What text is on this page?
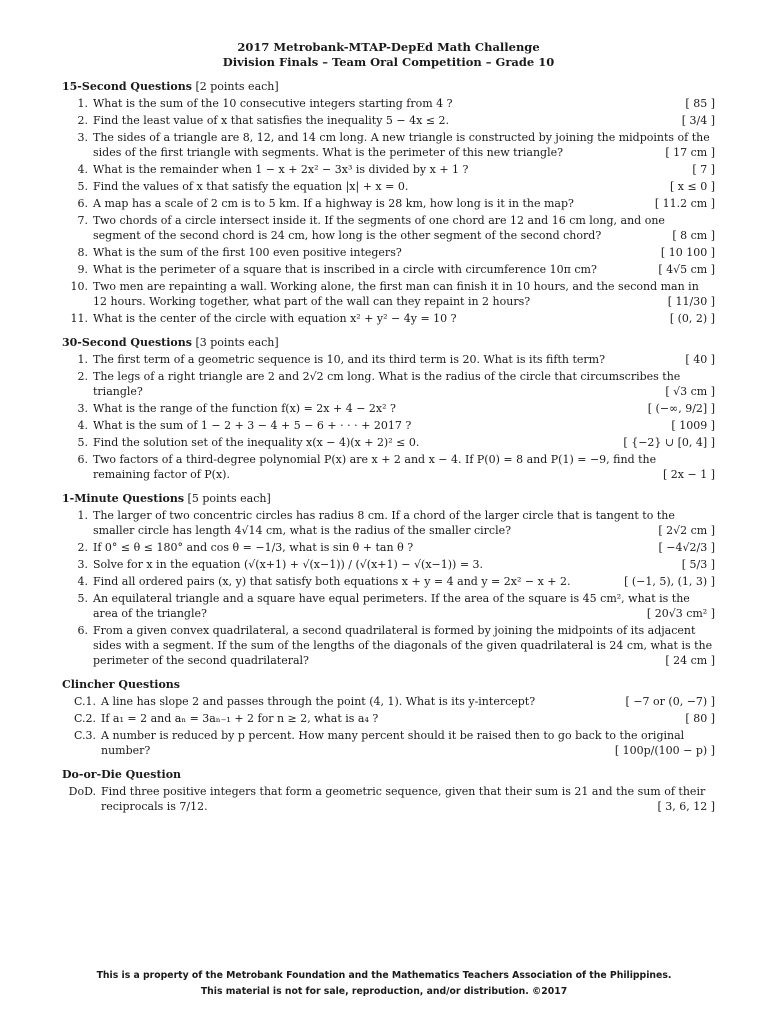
2017 Metrobank-MTAP-DepEd Math Challenge
Division Finals – Team Oral Competition – Grade 10
15-Second Questions [2 points each]
1. What is the sum of the 10 consecutive integers starting from 4 ?	[ 85 ]
2. Find the least value of x that satisfies the inequality 5 − 4x ≤ 2.	[ 3/4 ]
3. The sides of a triangle are 8, 12, and 14 cm long. A new triangle is constructed by joining the midpoints of the sides of the first triangle with segments. What is the perimeter of this new triangle?	[ 17 cm ]
4. What is the remainder when 1 − x + 2x² − 3x³ is divided by x + 1 ?	[ 7 ]
5. Find the values of x that satisfy the equation |x| + x = 0.	[ x ≤ 0 ]
6. A map has a scale of 2 cm is to 5 km. If a highway is 28 km, how long is it in the map?	[ 11.2 cm ]
7. Two chords of a circle intersect inside it. If the segments of one chord are 12 and 16 cm long, and one segment of the second chord is 24 cm, how long is the other segment of the second chord?	[ 8 cm ]
8. What is the sum of the first 100 even positive integers?	[ 10 100 ]
9. What is the perimeter of a square that is inscribed in a circle with circumference 10π cm?	[ 4√5 cm ]
10. Two men are repainting a wall. Working alone, the first man can finish it in 10 hours, and the second man in 12 hours. Working together, what part of the wall can they repaint in 2 hours?	[ 11/30 ]
11. What is the center of the circle with equation x² + y² − 4y = 10 ?	[ (0, 2) ]
30-Second Questions [3 points each]
1. The first term of a geometric sequence is 10, and its third term is 20. What is its fifth term?	[ 40 ]
2. The legs of a right triangle are 2 and 2√2 cm long. What is the radius of the circle that circumscribes the triangle?	[ √3 cm ]
3. What is the range of the function f(x) = 2x + 4 − 2x² ?	[ (−∞, 9/2] ]
4. What is the sum of 1 − 2 + 3 − 4 + 5 − 6 + · · · + 2017 ?	[ 1009 ]
5. Find the solution set of the inequality x(x − 4)(x + 2)² ≤ 0.	[ {−2} ∪ [0, 4] ]
6. Two factors of a third-degree polynomial P(x) are x + 2 and x − 4. If P(0) = 8 and P(1) = −9, find the remaining factor of P(x).	[ 2x − 1 ]
1-Minute Questions [5 points each]
1. The larger of two concentric circles has radius 8 cm. If a chord of the larger circle that is tangent to the smaller circle has length 4√14 cm, what is the radius of the smaller circle?	[ 2√2 cm ]
2. If 0° ≤ θ ≤ 180° and cos θ = −1/3, what is sin θ + tan θ ?	[ −4√2/3 ]
3. Solve for x in the equation (√(x+1) + √(x−1)) / (√(x+1) − √(x−1)) = 3.	[ 5/3 ]
4. Find all ordered pairs (x, y) that satisfy both equations x + y = 4 and y = 2x² − x + 2.	[ (−1, 5), (1, 3) ]
5. An equilateral triangle and a square have equal perimeters. If the area of the square is 45 cm², what is the area of the triangle?	[ 20√3 cm² ]
6. From a given convex quadrilateral, a second quadrilateral is formed by joining the midpoints of its adjacent sides with a segment. If the sum of the lengths of the diagonals of the given quadrilateral is 24 cm, what is the perimeter of the second quadrilateral?	[ 24 cm ]
Clincher Questions
C.1. A line has slope 2 and passes through the point (4, 1). What is its y-intercept?	[ −7 or (0, −7) ]
C.2. If a₁ = 2 and aₙ = 3aₙ₋₁ + 2 for n ≥ 2, what is a₄ ?	[ 80 ]
C.3. A number is reduced by p percent. How many percent should it be raised then to go back to the original number?	[ 100p/(100 − p) ]
Do-or-Die Question
DoD. Find three positive integers that form a geometric sequence, given that their sum is 21 and the sum of their reciprocals is 7/12.	[ 3, 6, 12 ]
This is a property of the Metrobank Foundation and the Mathematics Teachers Association of the Philippines.
This material is not for sale, reproduction, and/or distribution. ©2017
